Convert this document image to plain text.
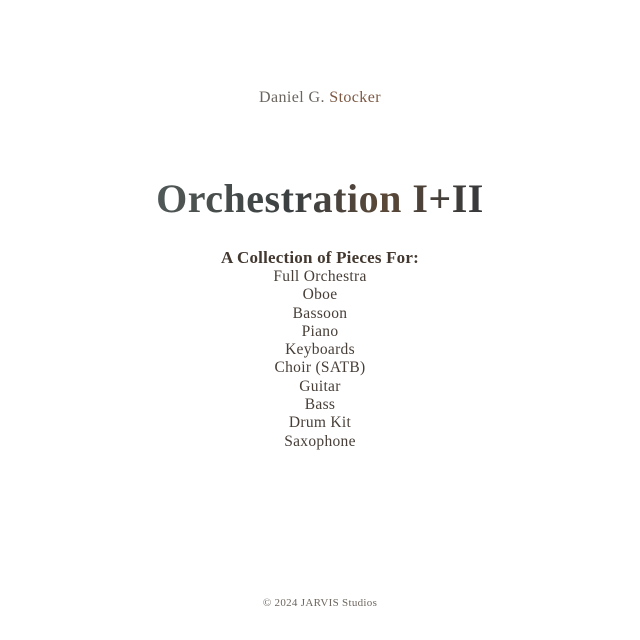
Daniel G. Stocker
Orchestration I+II
A Collection of Pieces For:
Full Orchestra
Oboe
Bassoon
Piano
Keyboards
Choir (SATB)
Guitar
Bass
Drum Kit
Saxophone
© 2024 JARVIS Studios
